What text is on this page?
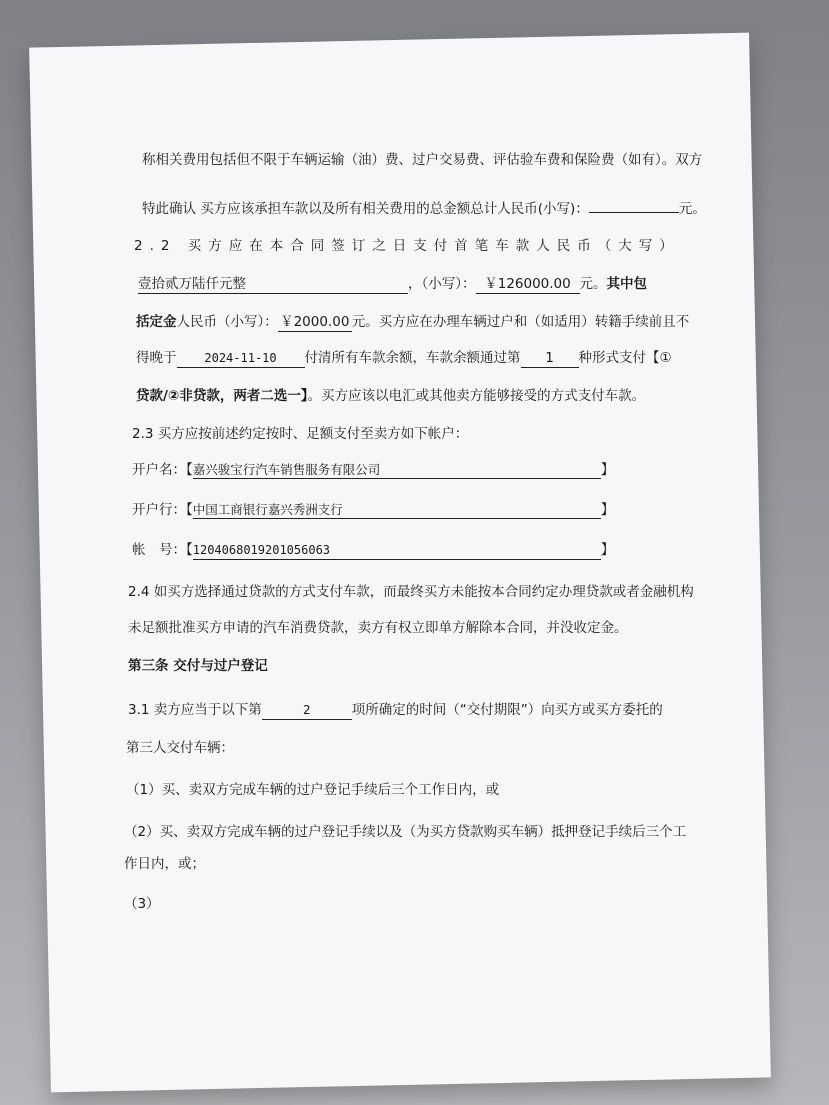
称相关费用包括但不限于车辆运输（油）费、过户交易费、评估验车费和保险费（如有）。双方
特此确认 买方应该承担车款以及所有相关费用的总金额总计人民币(小写)：	元。
2.2 买方应在本合同签订之日支付首笔车款人民币（大写）
壹拾贰万陆仟元整	，（小写）： ￥126000.00 元。其中包
括定金人民币（小写）： ￥2000.00 元。买方应在办理车辆过户和（如适用）转籍手续前且不
得晚于 2024-11-10 付清所有车款余额，车款余额通过第 1 种形式支付【①
贷款/②非贷款，两者二选一】。买方应该以电汇或其他卖方能够接受的方式支付车款。
2.3 买方应按前述约定按时、足额支付至卖方如下帐户：
开户名：【嘉兴骏宝行汽车销售服务有限公司	】
开户行：【中国工商银行嘉兴秀洲支行	】
帐　号：【1204068019201056063	】
2.4 如买方选择通过贷款的方式支付车款，而最终买方未能按本合同约定办理贷款或者金融机构
未足额批准买方申请的汽车消费贷款，卖方有权立即单方解除本合同，并没收定金。
第三条 交付与过户登记
3.1 卖方应当于以下第	2	项所确定的时间（“交付期限”）向买方或买方委托的
第三人交付车辆：
（1）买、卖双方完成车辆的过户登记手续后三个工作日内，或
（2）买、卖双方完成车辆的过户登记手续以及（为买方贷款购买车辆）抵押登记手续后三个工
作日内，或；
（3）
